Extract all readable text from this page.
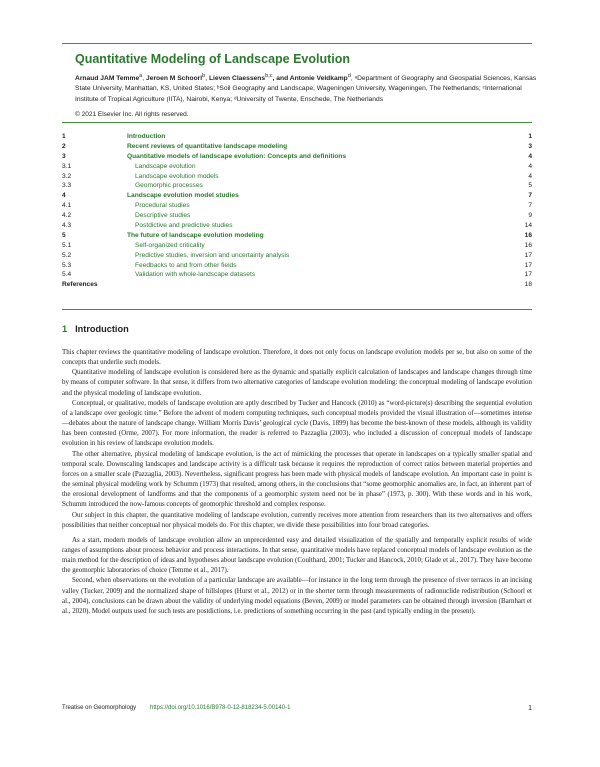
Quantitative Modeling of Landscape Evolution
Arnaud JAM Temme$^a$, Jeroen M Schoorl$^b$, Lieven Claessens$^{b,c}$, and Antonie Veldkamp$^d$, ᵃDepartment of Geography and Geospatial Sciences, Kansas State University, Manhattan, KS, United States; ᵇSoil Geography and Landscape, Wageningen University, Wageningen, The Netherlands; ᶜInternational Institute of Tropical Agriculture (IITA), Nairobi, Kenya; ᵈUniversity of Twente, Enschede, The Netherlands
© 2021 Elsevier Inc. All rights reserved.
1	Introduction	1
2	Recent reviews of quantitative landscape modeling	3
3	Quantitative models of landscape evolution: Concepts and definitions	4
3.1	Landscape evolution	4
3.2	Landscape evolution models	4
3.3	Geomorphic processes	5
4	Landscape evolution model studies	7
4.1	Procedural studies	7
4.2	Descriptive studies	9
4.3	Postdictive and predictive studies	14
5	The future of landscape evolution modeling	16
5.1	Self-organized criticality	16
5.2	Predictive studies, inversion and uncertainty analysis	17
5.3	Feedbacks to and from other fields	17
5.4	Validation with whole-landscape datasets	17
References	18
1 Introduction

This chapter reviews the quantitative modeling of landscape evolution. Therefore, it does not only focus on landscape evolution models per se, but also on some of the concepts that underlie such models.

Quantitative modeling of landscape evolution is considered here as the dynamic and spatially explicit calculation of landscapes and landscape changes through time by means of computer software. In that sense, it differs from two alternative categories of landscape evolution modeling: the conceptual modeling of landscape evolution and the physical modeling of landscape evolution.

Conceptual, or qualitative, models of landscape evolution are aptly described by Tucker and Hancock (2010) as “word-picture(s) describing the sequential evolution of a landscape over geologic time.” Before the advent of modern computing techniques, such conceptual models provided the visual illustration of—sometimes intense—debates about the nature of landscape change. William Morris Davis’ geological cycle (Davis, 1899) has become the best-known of these models, although its validity has been contested (Orme, 2007). For more information, the reader is referred to Pazzaglia (2003), who included a discussion of conceptual models of landscape evolution in his review of landscape evolution models.

The other alternative, physical modeling of landscape evolution, is the act of mimicking the processes that operate in landscapes on a typically smaller spatial and temporal scale. Downscaling landscapes and landscape activity is a difficult task because it requires the reproduction of correct ratios between material properties and forces on a smaller scale (Pazzaglia, 2003). Nevertheless, significant progress has been made with physical models of landscape evolution. An important case in point is the seminal physical modeling work by Schumm (1973) that resulted, among others, in the conclusions that “some geomorphic anomalies are, in fact, an inherent part of the erosional development of landforms and that the components of a geomorphic system need not be in phase” (1973, p. 300). With these words and in his work, Schumm introduced the now-famous concepts of geomorphic threshold and complex response.

Our subject in this chapter, the quantitative modeling of landscape evolution, currently receives more attention from researchers than its two alternatives and offers possibilities that neither conceptual nor physical models do. For this chapter, we divide these possibilities into four broad categories.

As a start, modern models of landscape evolution allow an unprecedented easy and detailed visualization of the spatially and temporally explicit results of wide ranges of assumptions about process behavior and process interactions. In that sense, quantitative models have replaced conceptual models of landscape evolution as the main method for the description of ideas and hypotheses about landscape evolution (Coulthard, 2001; Tucker and Hancock, 2010; Glade et al., 2017). They have become the geomorphic laboratories of choice (Temme et al., 2017).

Second, when observations on the evolution of a particular landscape are available—for instance in the long term through the presence of river terraces in an incising valley (Tucker, 2009) and the normalized shape of hillslopes (Hurst et al., 2012) or in the shorter term through measurements of radionuclide redistribution (Schoorl et al., 2004), conclusions can be drawn about the validity of underlying model equations (Beven, 2009) or model parameters can be obtained through inversion (Barnhart et al., 2020). Model outputs used for such tests are postdictions, i.e. predictions of something occurring in the past (and typically ending in the present).

Treatise on Geomorphology https://doi.org/10.1016/B978-0-12-818234-5.00140-1	1
